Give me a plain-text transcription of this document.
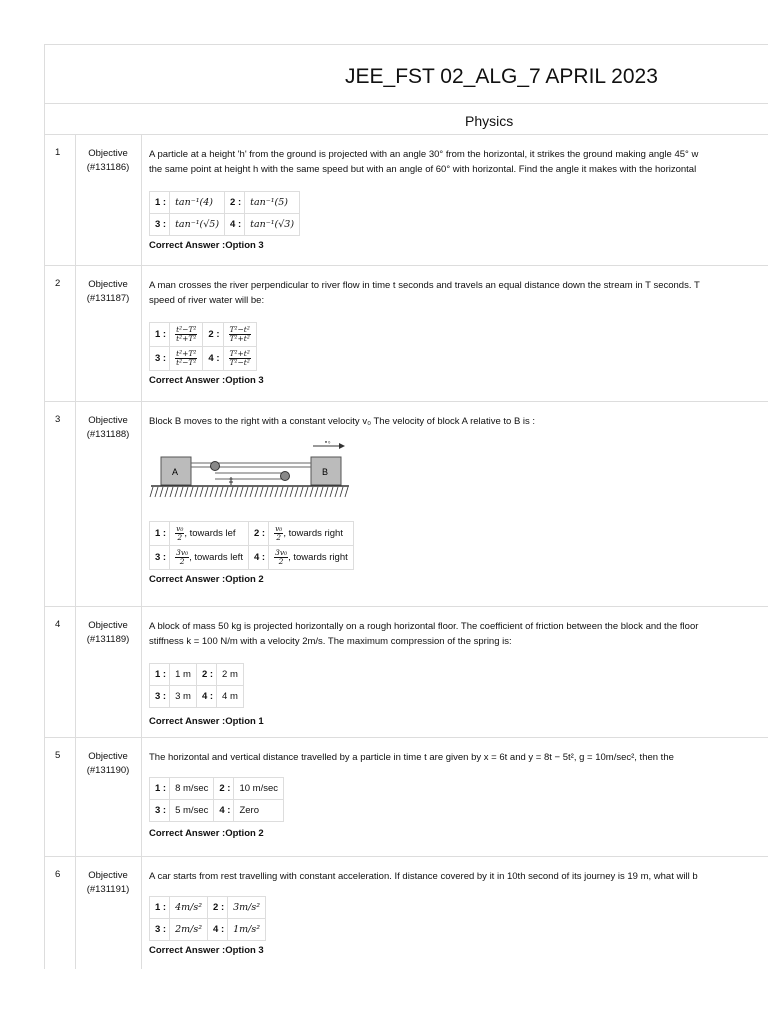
JEE_FST 02_ALG_7 APRIL 2023
Physics
1	Objective
(#131186)
A particle at a height 'h' from the ground is projected with an angle 30° from the horizontal, it strikes the ground making angle 45° w
the same point at height h with the same speed but with an angle of 60° with horizontal. Find the angle it makes with the horizontal
1 :	tan⁻¹(4)	2 :	tan⁻¹(5)
3 :	tan⁻¹(√5)	4 :	tan⁻¹(√3)
Correct Answer :Option 3
2	Objective
(#131187)
A man crosses the river perpendicular to river flow in time t seconds and travels an equal distance down the stream in T seconds. T
speed of river water will be:
1 :	$\frac{\text{t²−T²}}{\text{t²+T²}}$	2 :	$\frac{\text{T²−t²}}{\text{T²+t²}}$

3 :	$\frac{\text{t²+T²}}{\text{t²−T²}}$	4 :	$\frac{\text{T²+t²}}{\text{T²−t²}}$
Correct Answer :Option 3
3	Objective
(#131188)
Block B moves to the right with a constant velocity v₀ The velocity of block A relative to B is :
V₀
A	B
1 :	$\frac{\text{v₀}}{2}$ , towards lef	2 :	$\frac{\text{v₀}}{2}$ , towards right
3 :	$\frac{\text{3v₀}}{2}$ , towards left	4 :	$\frac{\text{3v₀}}{2}$ , towards right
Correct Answer :Option 2
4	Objective
(#131189)
A block of mass 50 kg is projected horizontally on a rough horizontal floor. The coefficient of friction between the block and the floor
stiffness k = 100 N/m with a velocity 2m/s. The maximum compression of the spring is:
1 :	1 m	2 :	2 m
3 :	3 m	4 :	4 m
Correct Answer :Option 1
5	Objective
(#131190)
The horizontal and vertical distance travelled by a particle in time t are given by x = 6t and y = 8t − 5t², g = 10m/sec², then the
1 :	8 m/sec	2 :	10 m/sec
3 :	5 m/sec	4 :	Zero
Correct Answer :Option 2
6	Objective
(#131191)
A car starts from rest travelling with constant acceleration. If distance covered by it in 10th second of its journey is 19 m, what will b
1 :	4m/s²	2 :	3m/s²
3 :	2m/s²	4 :	1m/s²
Correct Answer :Option 3
